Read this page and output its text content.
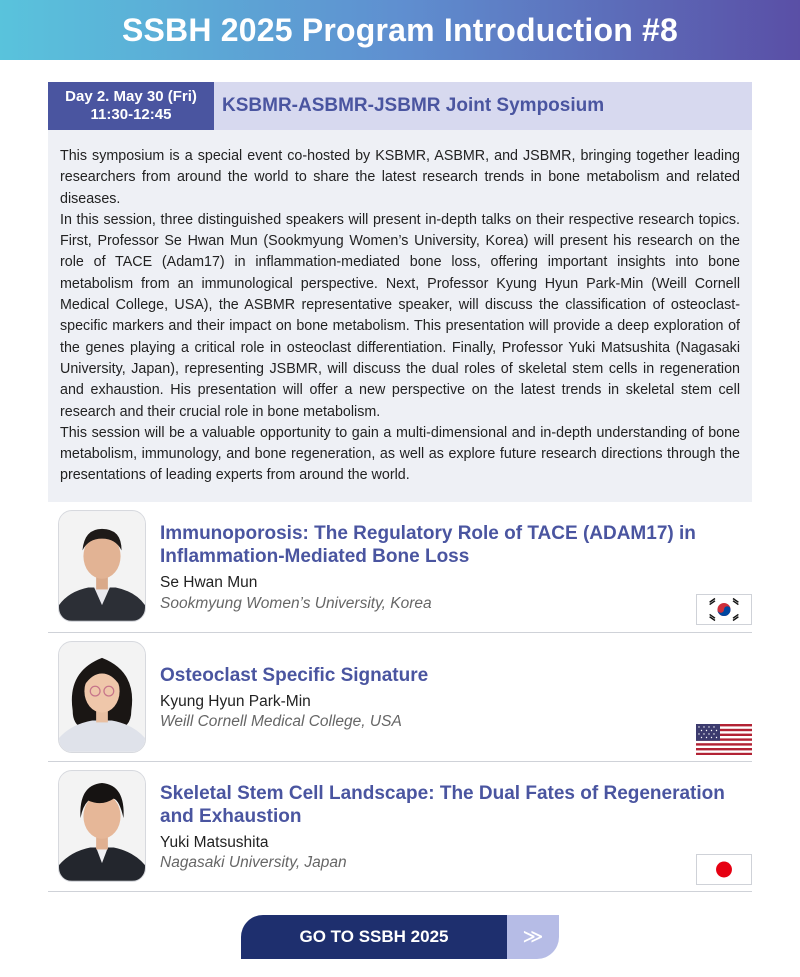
SSBH 2025 Program Introduction #8
Day 2. May 30 (Fri)
11:30-12:45	KSBMR-ASBMR-JSBMR Joint Symposium

This symposium is a special event co-hosted by KSBMR, ASBMR, and JSBMR, bringing together leading researchers from around the world to share the latest research trends in bone metabolism and related diseases.

In this session, three distinguished speakers will present in-depth talks on their respective research topics. First, Professor Se Hwan Mun (Sookmyung Women’s University, Korea) will present his research on the role of TACE (Adam17) in inflammation-mediated bone loss, offering important insights into bone metabolism from an immunological perspective. Next, Professor Kyung Hyun Park-Min (Weill Cornell Medical College, USA), the ASBMR representative speaker, will discuss the classification of osteoclast-specific markers and their impact on bone metabolism. This presentation will provide a deep exploration of the genes playing a critical role in osteoclast differentiation. Finally, Professor Yuki Matsushita (Nagasaki University, Japan), representing JSBMR, will discuss the dual roles of skeletal stem cells in regeneration and exhaustion. His presentation will offer a new perspective on the latest trends in skeletal stem cell research and their crucial role in bone metabolism.

This session will be a valuable opportunity to gain a multi-dimensional and in-depth understanding of bone metabolism, immunology, and bone regeneration, as well as explore future research directions through the presentations of leading experts from around the world.

Immunoporosis: The Regulatory Role of TACE (ADAM17) in Inflammation-Mediated Bone Loss
Se Hwan Mun
Sookmyung Women’s University, Korea
Osteoclast Specific Signature
Kyung Hyun Park-Min
Weill Cornell Medical College, USA
Skeletal Stem Cell Landscape: The Dual Fates of Regeneration and Exhaustion
Yuki Matsushita
Nagasaki University, Japan
GO TO SSBH 2025	≫
